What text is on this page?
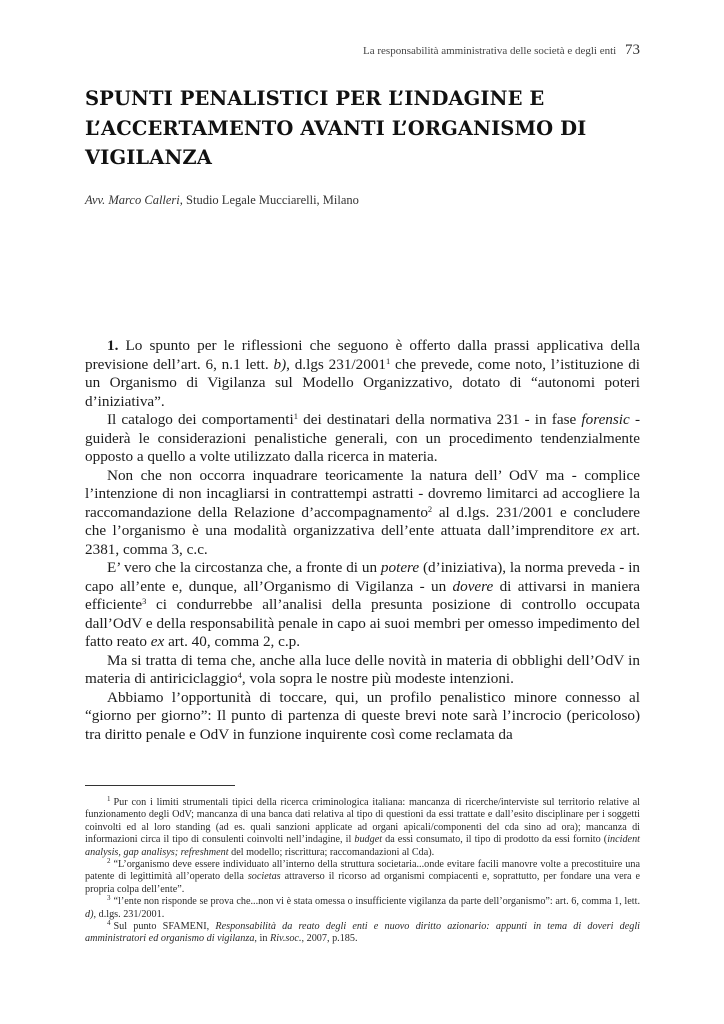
La responsabilità amministrativa delle società e degli enti 73
SPUNTI PENALISTICI PER L’INDAGINE E
L’ACCERTAMENTO AVANTI L’ORGANISMO DI
VIGILANZA
Avv. Marco Calleri, Studio Legale Mucciarelli, Milano

1. Lo spunto per le riflessioni che seguono è offerto dalla prassi applicativa della previsione dell’art. 6, n.1 lett. b), d.lgs 231/2001$^1$ che prevede, come noto, l’istituzione di un Organismo di Vigilanza sul Modello Organizzativo, dotato di “autonomi poteri d’iniziativa”.

Il catalogo dei comportamenti$^1$ dei destinatari della normativa 231 - in fase forensic - guiderà le considerazioni penalistiche generali, con un procedimento tendenzialmente opposto a quello a volte utilizzato dalla ricerca in materia.

Non che non occorra inquadrare teoricamente la natura dell’ OdV ma - complice l’intenzione di non incagliarsi in contrattempi astratti - dovremo limitarci ad accogliere la raccomandazione della Relazione d’accompagnamento$^2$ al d.lgs. 231/2001 e concludere che l’organismo è una modalità organizzativa dell’ente attuata dall’imprenditore ex art. 2381, comma 3, c.c.

E’ vero che la circostanza che, a fronte di un potere (d’iniziativa), la norma preveda - in capo all’ente e, dunque, all’Organismo di Vigilanza - un dovere di attivarsi in maniera efficiente$^3$ ci condurrebbe all’analisi della presunta posizione di controllo occupata dall’OdV e della responsabilità penale in capo ai suoi membri per omesso impedimento del fatto reato ex art. 40, comma 2, c.p.

Ma si tratta di tema che, anche alla luce delle novità in materia di obblighi dell’OdV in materia di antiriciclaggio$^4$, vola sopra le nostre più modeste intenzioni.

Abbiamo l’opportunità di toccare, qui, un profilo penalistico minore connesso al “giorno per giorno”: Il punto di partenza di queste brevi note sarà l’incrocio (pericoloso) tra diritto penale e OdV in funzione inquirente così come reclamata da

$^1$ Pur con i limiti strumentali tipici della ricerca criminologica italiana: mancanza di ricerche/interviste sul territorio relative al funzionamento degli OdV; mancanza di una banca dati relativa al tipo di questioni da essi trattate e dall’esito disciplinare per i soggetti coinvolti ed al loro standing (ad es. quali sanzioni applicate ad organi apicali/componenti del cda sino ad ora); mancanza di informazioni circa il tipo di consulenti coinvolti nell’indagine, il budget da essi consumato, il tipo di prodotto da essi fornito (incident analysis, gap analisys; refreshment del modello; riscrittura; raccomandazioni al Cda).

$^2$ “L’organismo deve essere individuato all’interno della struttura societaria...onde evitare facili manovre volte a precostituire una patente di legittimità all’operato della societas attraverso il ricorso ad organismi compiacenti e, soprattutto, per fondare una vera e propria colpa dell’ente”.

$^3$ “l’ente non risponde se prova che...non vi è stata omessa o insufficiente vigilanza da parte dell’organismo”: art. 6, comma 1, lett. d), d.lgs. 231/2001.

$^4$ Sul punto SFAMENI, Responsabilità da reato degli enti e nuovo diritto azionario: appunti in tema di doveri degli amministratori ed organismo di vigilanza, in Riv.soc., 2007, p.185.
